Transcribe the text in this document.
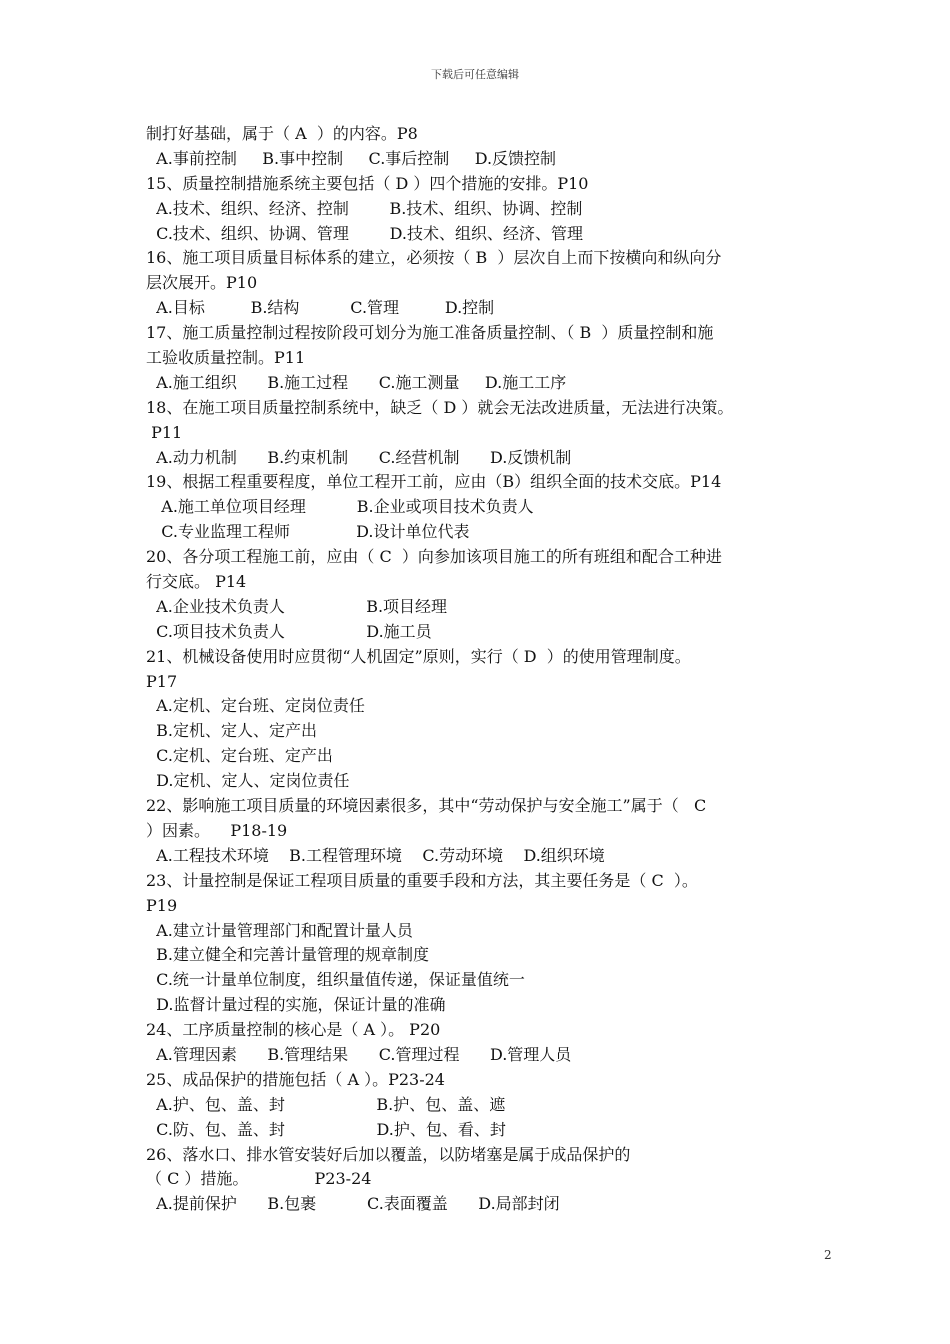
下载后可任意编辑
制打好基础，属于（ A  ）的内容。P8
A.事前控制     B.事中控制     C.事后控制     D.反馈控制
15、质量控制措施系统主要包括（ D ）四个措施的安排。P10
A.技术、组织、经济、控制        B.技术、组织、协调、控制
C.技术、组织、协调、管理        D.技术、组织、经济、管理
16、施工项目质量目标体系的建立，必须按（ B  ）层次自上而下按横向和纵向分
层次展开。P10
A.目标         B.结构          C.管理         D.控制
17、施工质量控制过程按阶段可划分为施工准备质量控制、（ B  ）质量控制和施
工验收质量控制。P11
A.施工组织      B.施工过程      C.施工测量     D.施工工序
18、在施工项目质量控制系统中，缺乏（ D ）就会无法改进质量，无法进行决策。
P11
A.动力机制      B.约束机制      C.经营机制      D.反馈机制
19、根据工程重要程度，单位工程开工前，应由（B）组织全面的技术交底。P14
A.施工单位项目经理          B.企业或项目技术负责人
C.专业监理工程师             D.设计单位代表
20、各分项工程施工前，应由（ C  ）向参加该项目施工的所有班组和配合工种进
行交底。 P14
A.企业技术负责人                B.项目经理
C.项目技术负责人                D.施工员
21、机械设备使用时应贯彻“人机固定”原则，实行（ D  ）的使用管理制度。
P17
A.定机、定台班、定岗位责任
B.定机、定人、定产出
C.定机、定台班、定产出
D.定机、定人、定岗位责任
22、影响施工项目质量的环境因素很多，其中“劳动保护与安全施工”属于（   C
）因素。    P18-19
A.工程技术环境    B.工程管理环境    C.劳动环境    D.组织环境
23、计量控制是保证工程项目质量的重要手段和方法，其主要任务是（ C  ）。
P19
A.建立计量管理部门和配置计量人员
B.建立健全和完善计量管理的规章制度
C.统一计量单位制度，组织量值传递，保证量值统一
D.监督计量过程的实施，保证计量的准确
24、工序质量控制的核心是（ A ）。 P20
A.管理因素      B.管理结果      C.管理过程      D.管理人员
25、成品保护的措施包括（ A ）。P23-24
A.护、包、盖、封                  B.护、包、盖、遮
C.防、包、盖、封                  D.护、包、看、封
26、落水口、排水管安装好后加以覆盖，以防堵塞是属于成品保护的
（ C ）措施。             P23-24
A.提前保护      B.包裹          C.表面覆盖      D.局部封闭
2
